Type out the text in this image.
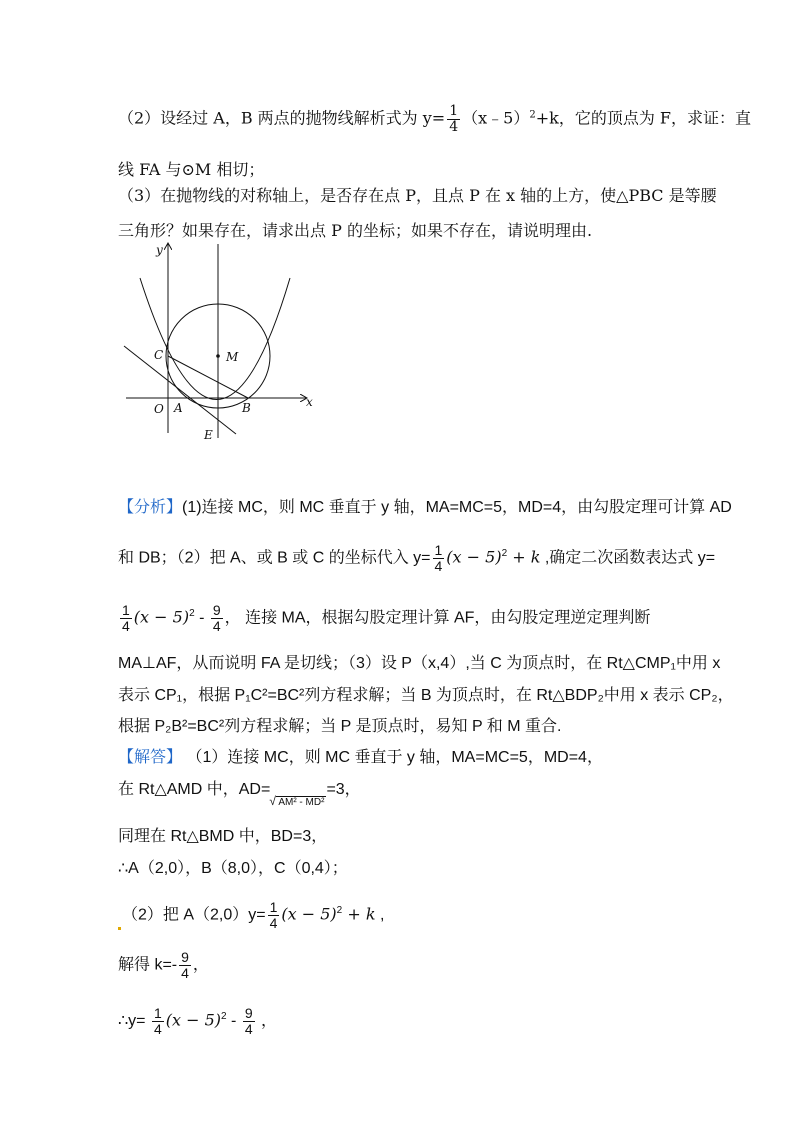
（2）设经过 A，B 两点的抛物线解析式为 $y= \frac{1}{4}$ （x﹣5）$^2$+k，它的顶点为 F，求证：直
线 FA 与⊙M 相切；
（3）在抛物线的对称轴上，是否存在点 P，且点 P 在 x 轴的上方，使△PBC 是等腰
三角形？如果存在，请求出点 P 的坐标；如果不存在，请说明理由.
y
x
C	M
O A	B
E
【分析】(1)连接 MC，则 MC 垂直于 y 轴，MA=MC=5，MD=4，由勾股定理可计算 AD
和 DB；（2）把 A、或 B 或 C 的坐标代入 $y= \frac{1}{4} (x - 5)^2 + k$ ,确定二次函数表达式 y=
$\frac{1}{4} (x - 5)^2 - \frac{9}{4}$ ， 连接 MA，根据勾股定理计算 AF，由勾股定理逆定理判断
MA⊥AF，从而说明 FA 是切线；（3）设 P（x,4）,当 C 为顶点时，在 Rt△CMP₁中用 x
表示 CP₁，根据 P₁C²=BC²列方程求解；当 B 为顶点时，在 Rt△BDP₂中用 x 表示 CP₂，
根据 P₂B²=BC²列方程求解；当 P 是顶点时，易知 P 和 M 重合.
【解答】 （1）连接 MC，则 MC 垂直于 y 轴，MA=MC=5，MD=4，
在 Rt△AMD 中，AD=√ AM² - MD²=3，
同理在 Rt△BMD 中，BD=3，
∴A（2,0），B（8,0），C（0,4）；
（2）把 $A(2,0)y= \frac{1}{4} (x - 5)^2 + k$ ,
解得 $k=- \frac{9}{4}$ ，
∴y= $\frac{1}{4} (x - 5)^2 - \frac{9}{4}$ ，
